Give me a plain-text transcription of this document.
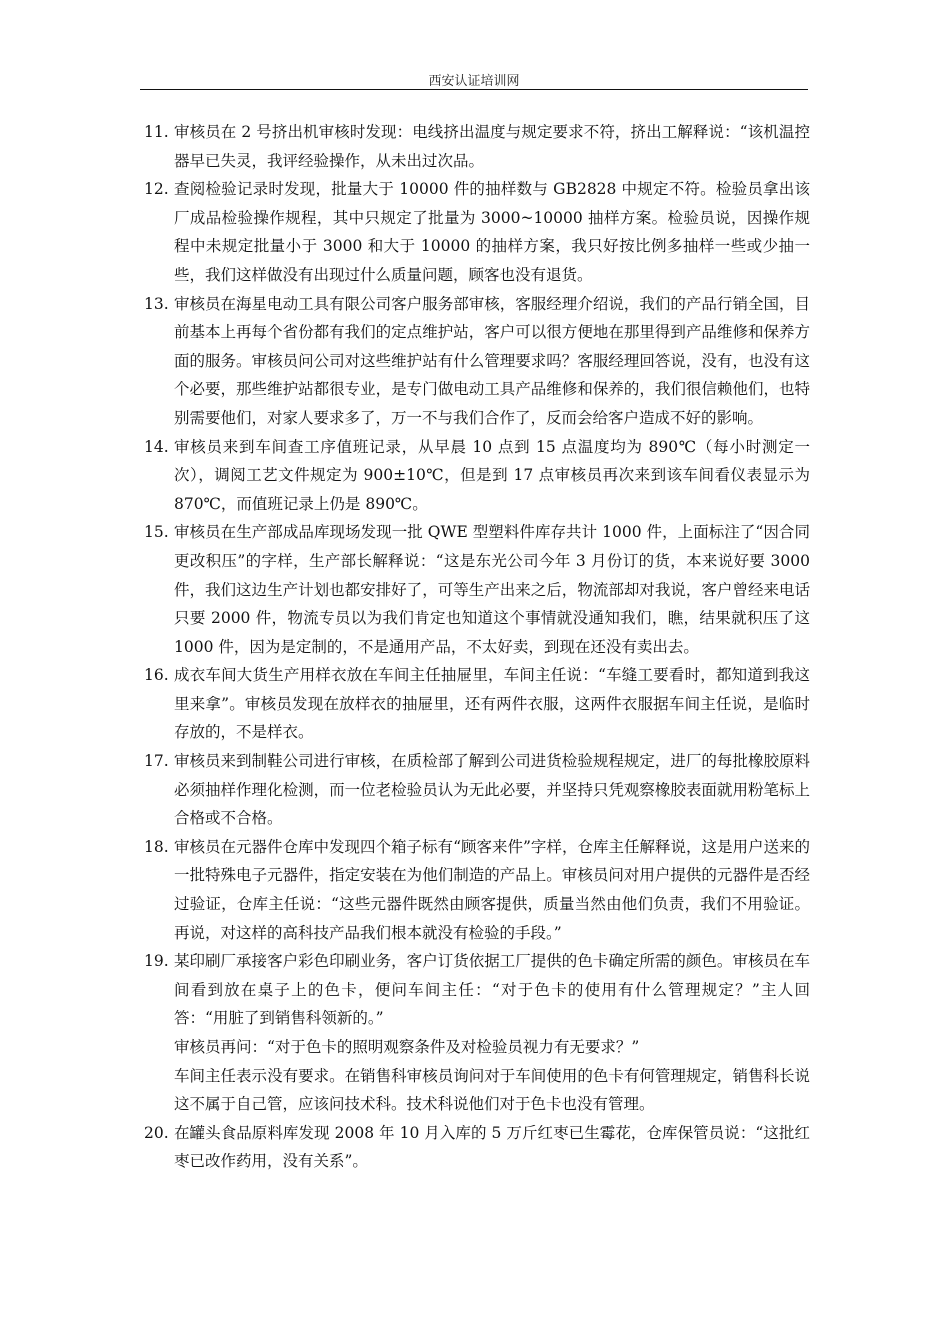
西安认证培训网
11. 审核员在 2 号挤出机审核时发现：电线挤出温度与规定要求不符，挤出工解释说：“该机温控器早已失灵，我评经验操作，从未出过次品。
12. 查阅检验记录时发现，批量大于 10000 件的抽样数与 GB2828 中规定不符。检验员拿出该厂成品检验操作规程，其中只规定了批量为 3000~10000 抽样方案。检验员说，因操作规程中未规定批量小于 3000 和大于 10000 的抽样方案，我只好按比例多抽样一些或少抽一些，我们这样做没有出现过什么质量问题，顾客也没有退货。
13. 审核员在海星电动工具有限公司客户服务部审核，客服经理介绍说，我们的产品行销全国，目前基本上再每个省份都有我们的定点维护站，客户可以很方便地在那里得到产品维修和保养方面的服务。审核员问公司对这些维护站有什么管理要求吗？客服经理回答说，没有，也没有这个必要，那些维护站都很专业，是专门做电动工具产品维修和保养的，我们很信赖他们，也特别需要他们，对家人要求多了，万一不与我们合作了，反而会给客户造成不好的影响。
14. 审核员来到车间查工序值班记录，从早晨 10 点到 15 点温度均为 890℃（每小时测定一次），调阅工艺文件规定为 900±10℃，但是到 17 点审核员再次来到该车间看仪表显示为 870℃，而值班记录上仍是 890℃。
15. 审核员在生产部成品库现场发现一批 QWE 型塑料件库存共计 1000 件，上面标注了“因合同更改积压”的字样，生产部长解释说：“这是东光公司今年 3 月份订的货，本来说好要 3000 件，我们这边生产计划也都安排好了，可等生产出来之后，物流部却对我说，客户曾经来电话只要 2000 件，物流专员以为我们肯定也知道这个事情就没通知我们，瞧，结果就积压了这 1000 件，因为是定制的，不是通用产品，不太好卖，到现在还没有卖出去。
16. 成衣车间大货生产用样衣放在车间主任抽屉里，车间主任说：“车缝工要看时，都知道到我这里来拿”。审核员发现在放样衣的抽屉里，还有两件衣服，这两件衣服据车间主任说，是临时存放的，不是样衣。
17. 审核员来到制鞋公司进行审核，在质检部了解到公司进货检验规程规定，进厂的每批橡胶原料必须抽样作理化检测，而一位老检验员认为无此必要，并坚持只凭观察橡胶表面就用粉笔标上合格或不合格。
18. 审核员在元器件仓库中发现四个箱子标有“顾客来件”字样，仓库主任解释说，这是用户送来的一批特殊电子元器件，指定安装在为他们制造的产品上。审核员问对用户提供的元器件是否经过验证，仓库主任说：“这些元器件既然由顾客提供，质量当然由他们负责，我们不用验证。再说，对这样的高科技产品我们根本就没有检验的手段。”
19. 某印刷厂承接客户彩色印刷业务，客户订货依据工厂提供的色卡确定所需的颜色。审核员在车间看到放在桌子上的色卡，便问车间主任：“对于色卡的使用有什么管理规定？”主人回答：“用脏了到销售科领新的。”
审核员再问：“对于色卡的照明观察条件及对检验员视力有无要求？”
车间主任表示没有要求。在销售科审核员询问对于车间使用的色卡有何管理规定，销售科长说这不属于自己管，应该问技术科。技术科说他们对于色卡也没有管理。
20. 在罐头食品原料库发现 2008 年 10 月入库的 5 万斤红枣已生霉花，仓库保管员说：“这批红枣已改作药用，没有关系”。
